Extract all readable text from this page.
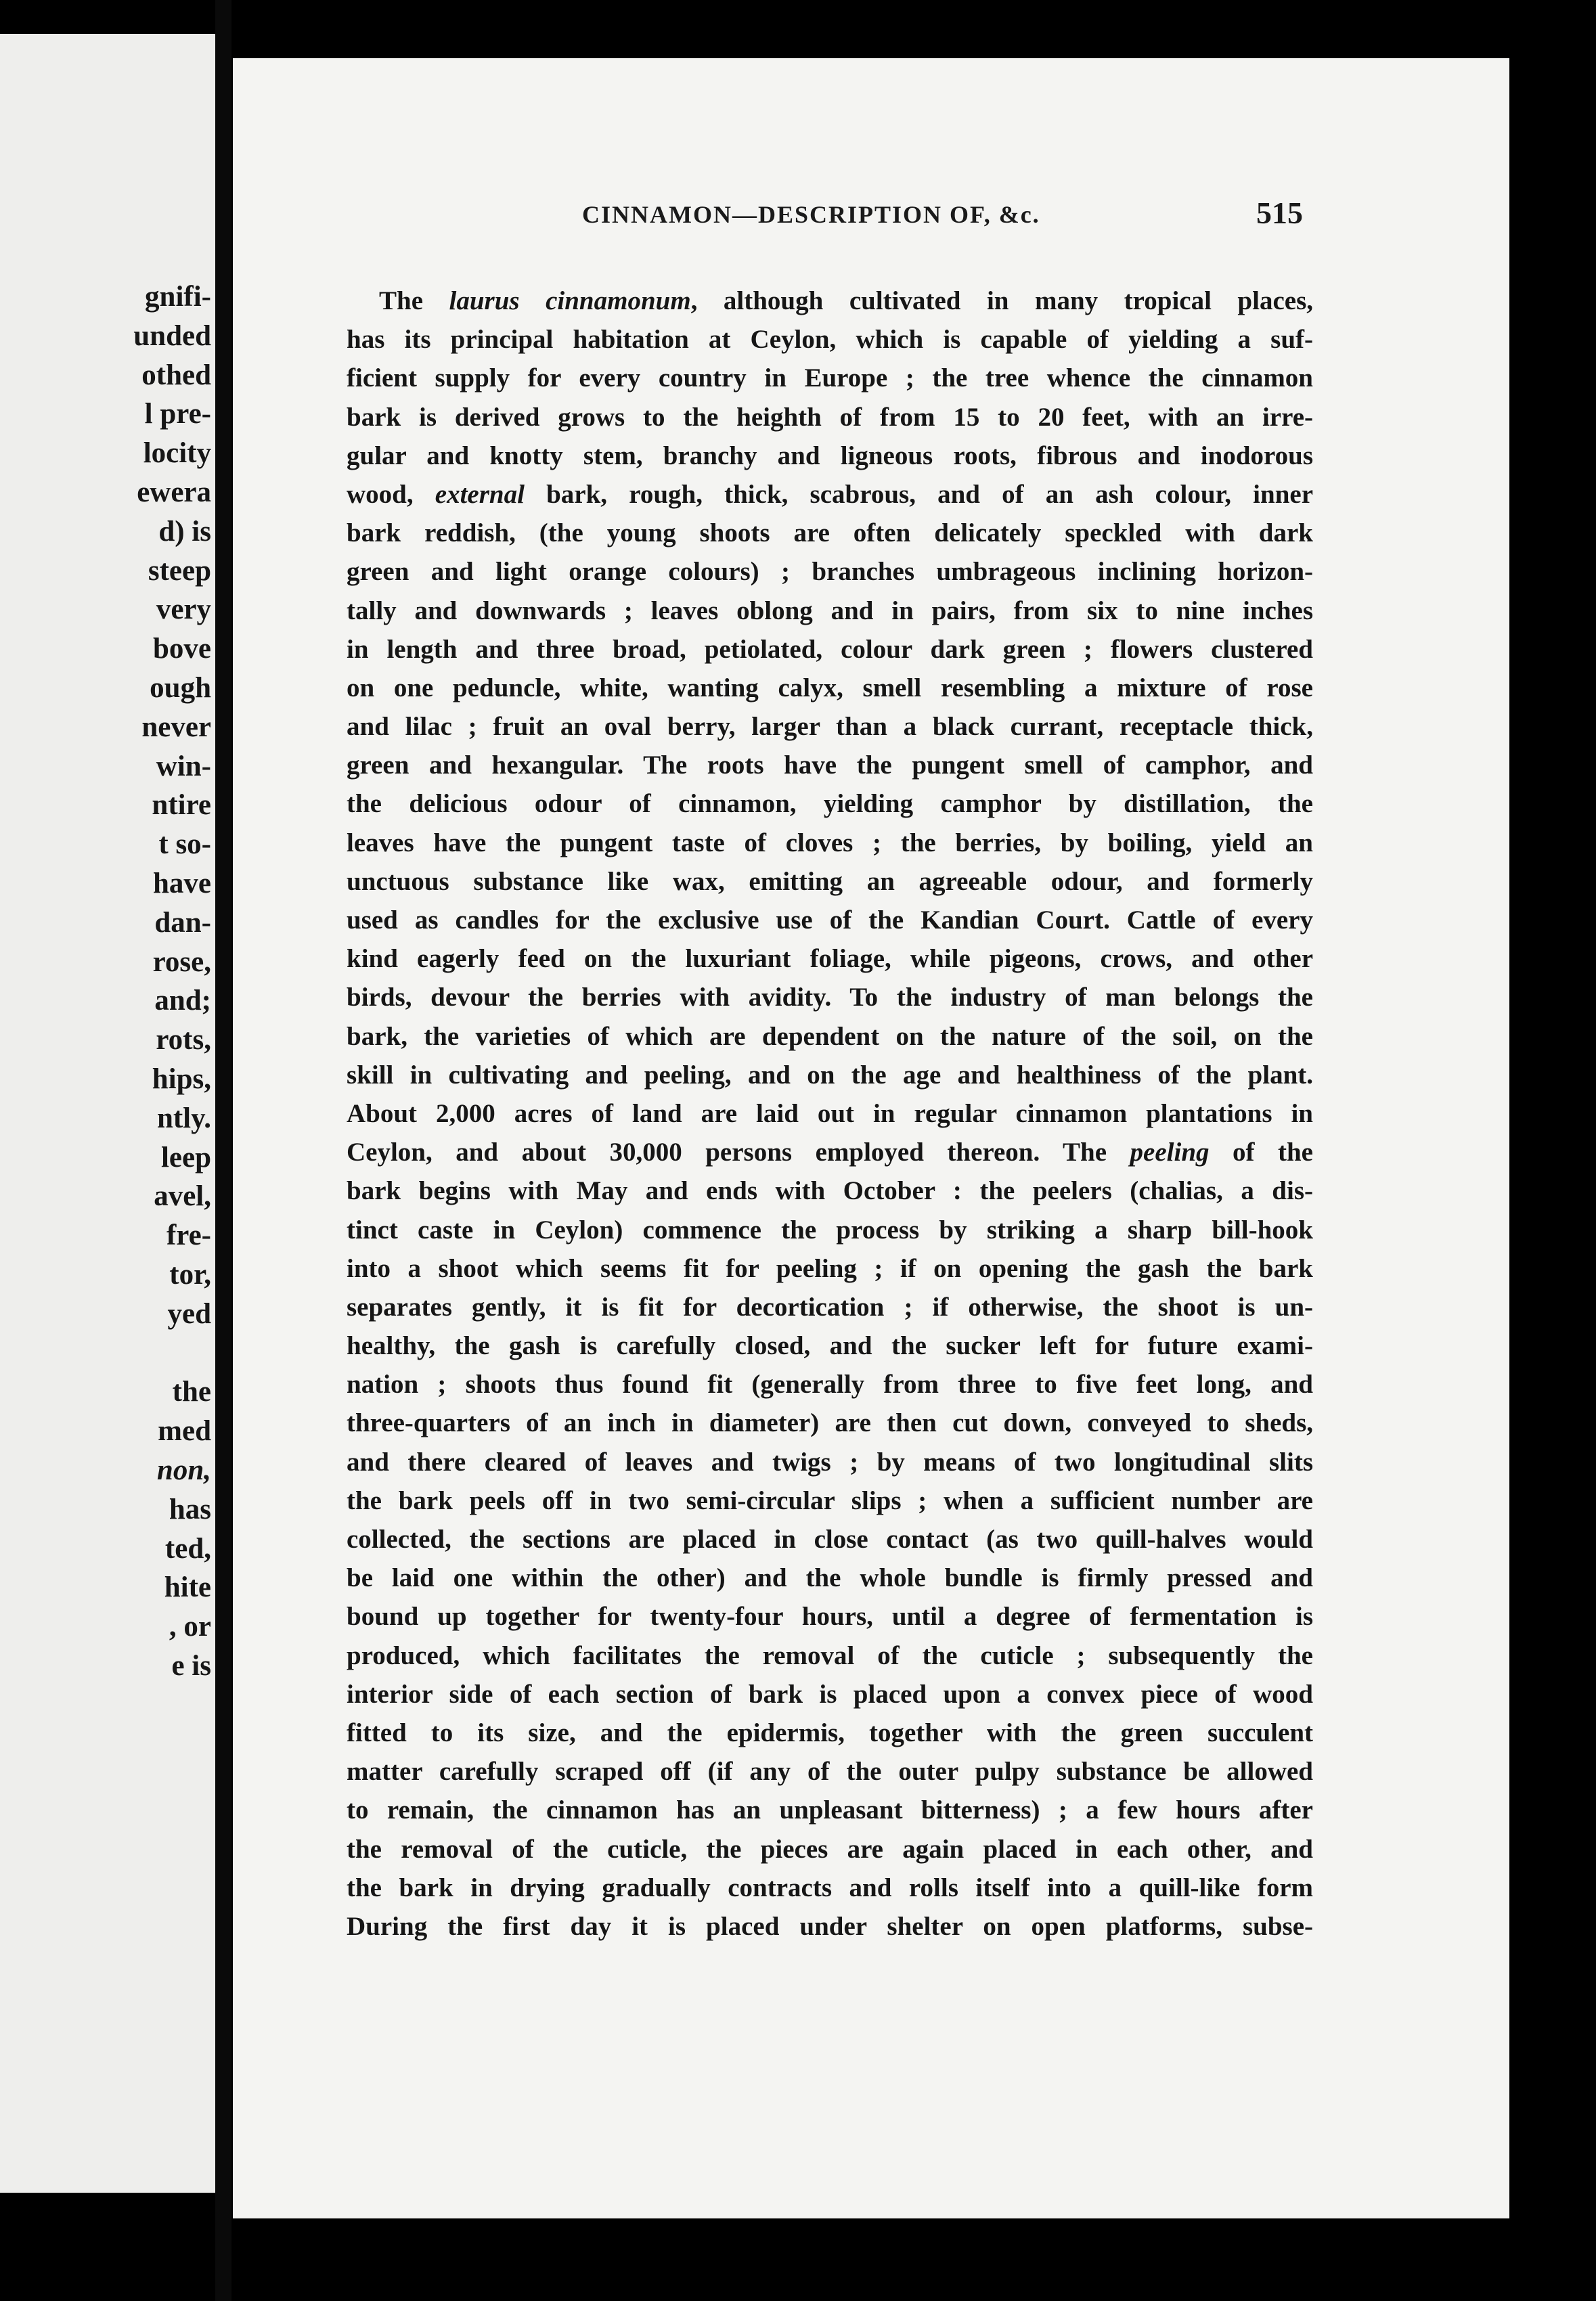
gnifi-
unded
othed
l pre-
locity
ewera
d) is
steep
very
bove
ough
never
win-
ntire
t so-
have
dan-
rose,
and;
rots,
hips,
ntly.
leep
avel,
fre-
tor,
yed
the
med
non,
has
ted,
hite
, or
e is
CINNAMON—DESCRIPTION OF, &c.	515
The laurus cinnamonum, although cultivated in many tropical places,
has its principal habitation at Ceylon, which is capable of yielding a suf-
ficient supply for every country in Europe ; the tree whence the cinnamon
bark is derived grows to the heighth of from 15 to 20 feet, with an irre-
gular and knotty stem, branchy and ligneous roots, fibrous and inodorous
wood, external bark, rough, thick, scabrous, and of an ash colour, inner
bark reddish, (the young shoots are often delicately speckled with dark
green and light orange colours) ; branches umbrageous inclining horizon-
tally and downwards ; leaves oblong and in pairs, from six to nine inches
in length and three broad, petiolated, colour dark green ; flowers clustered
on one peduncle, white, wanting calyx, smell resembling a mixture of rose
and lilac ; fruit an oval berry, larger than a black currant, receptacle thick,
green and hexangular. The roots have the pungent smell of camphor, and
the delicious odour of cinnamon, yielding camphor by distillation, the
leaves have the pungent taste of cloves ; the berries, by boiling, yield an
unctuous substance like wax, emitting an agreeable odour, and formerly
used as candles for the exclusive use of the Kandian Court. Cattle of every
kind eagerly feed on the luxuriant foliage, while pigeons, crows, and other
birds, devour the berries with avidity. To the industry of man belongs the
bark, the varieties of which are dependent on the nature of the soil, on the
skill in cultivating and peeling, and on the age and healthiness of the plant.
About 2,000 acres of land are laid out in regular cinnamon plantations in
Ceylon, and about 30,000 persons employed thereon. The peeling of the
bark begins with May and ends with October : the peelers (chalias, a dis-
tinct caste in Ceylon) commence the process by striking a sharp bill-hook
into a shoot which seems fit for peeling ; if on opening the gash the bark
separates gently, it is fit for decortication ; if otherwise, the shoot is un-
healthy, the gash is carefully closed, and the sucker left for future exami-
nation ; shoots thus found fit (generally from three to five feet long, and
three-quarters of an inch in diameter) are then cut down, conveyed to sheds,
and there cleared of leaves and twigs ; by means of two longitudinal slits
the bark peels off in two semi-circular slips ; when a sufficient number are
collected, the sections are placed in close contact (as two quill-halves would
be laid one within the other) and the whole bundle is firmly pressed and
bound up together for twenty-four hours, until a degree of fermentation is
produced, which facilitates the removal of the cuticle ; subsequently the
interior side of each section of bark is placed upon a convex piece of wood
fitted to its size, and the epidermis, together with the green succulent
matter carefully scraped off (if any of the outer pulpy substance be allowed
to remain, the cinnamon has an unpleasant bitterness) ; a few hours after
the removal of the cuticle, the pieces are again placed in each other, and
the bark in drying gradually contracts and rolls itself into a quill-like form
During the first day it is placed under shelter on open platforms, subse-
